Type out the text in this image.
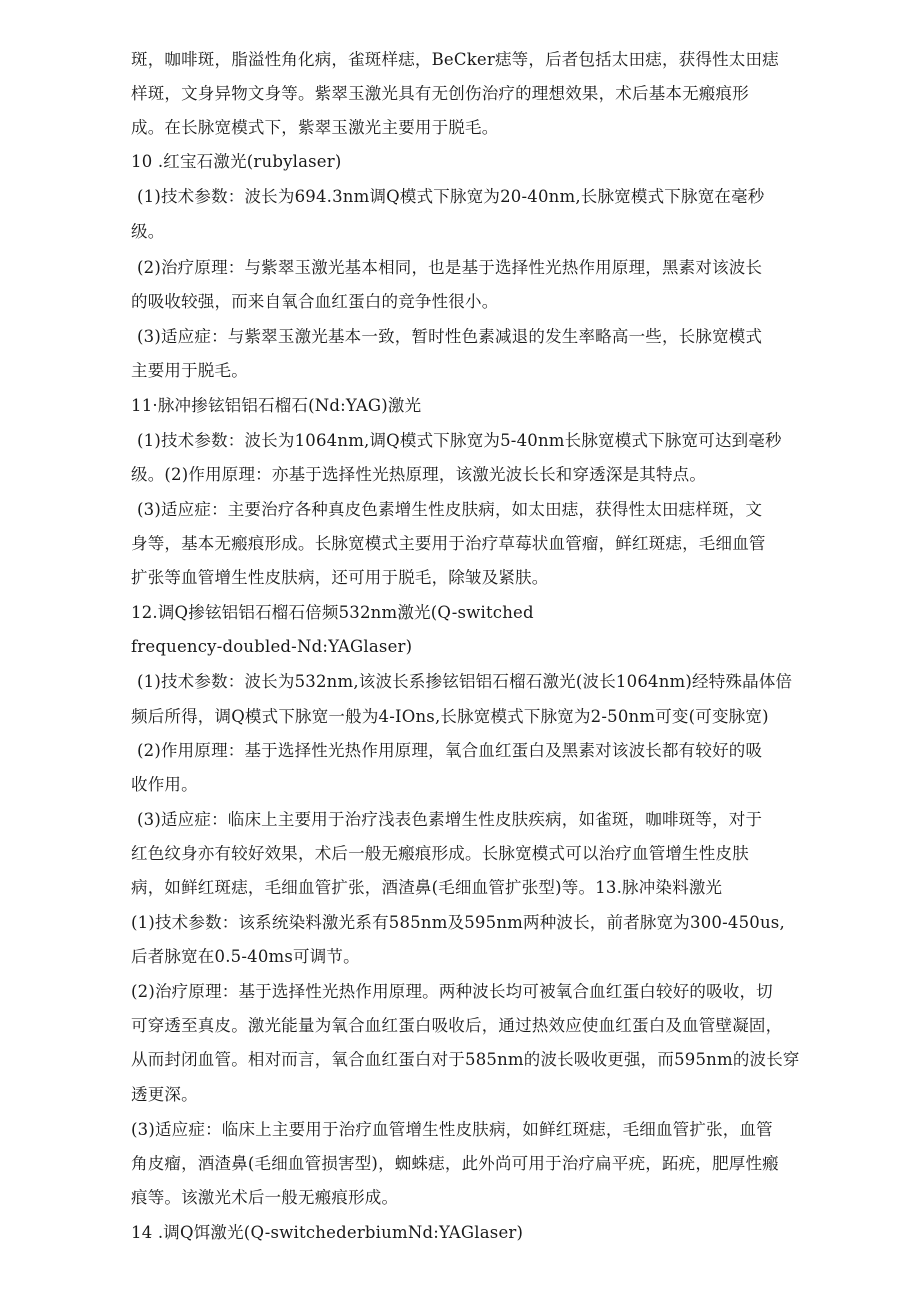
斑，咖啡斑，脂溢性角化病，雀斑样痣，BeCker痣等，后者包括太田痣，获得性太田痣
样斑，文身异物文身等。紫翠玉激光具有无创伤治疗的理想效果，术后基本无瘢痕形
成。在长脉宽模式下，紫翠玉激光主要用于脱毛。
10 .红宝石激光(rubylaser)
(1)技术参数：波长为694.3nm调Q模式下脉宽为20-40nm,长脉宽模式下脉宽在毫秒
级。
(2)治疗原理：与紫翠玉激光基本相同，也是基于选择性光热作用原理，黑素对该波长
的吸收较强，而来自氧合血红蛋白的竞争性很小。
(3)适应症：与紫翠玉激光基本一致，暂时性色素减退的发生率略高一些，长脉宽模式
主要用于脱毛。
11·脉冲掺铉铝铝石榴石(Nd:YAG)激光
(1)技术参数：波长为1064nm,调Q模式下脉宽为5-40nm长脉宽模式下脉宽可达到毫秒
级。(2)作用原理：亦基于选择性光热原理，该激光波长长和穿透深是其特点。
(3)适应症：主要治疗各种真皮色素增生性皮肤病，如太田痣，获得性太田痣样斑，文
身等，基本无瘢痕形成。长脉宽模式主要用于治疗草莓状血管瘤，鲜红斑痣，毛细血管
扩张等血管增生性皮肤病，还可用于脱毛，除皱及紧肤。
12.调Q掺铉铝铝石榴石倍频532nm激光(Q-switched
frequency-doubled-Nd:YAGlaser)
(1)技术参数：波长为532nm,该波长系掺铉铝铝石榴石激光(波长1064nm)经特殊晶体倍
频后所得，调Q模式下脉宽一般为4-IOns,长脉宽模式下脉宽为2-50nm可变(可变脉宽)
(2)作用原理：基于选择性光热作用原理，氧合血红蛋白及黑素对该波长都有较好的吸
收作用。
(3)适应症：临床上主要用于治疗浅表色素增生性皮肤疾病，如雀斑，咖啡斑等，对于
红色纹身亦有较好效果，术后一般无瘢痕形成。长脉宽模式可以治疗血管增生性皮肤
病，如鲜红斑痣，毛细血管扩张，酒渣鼻(毛细血管扩张型)等。13.脉冲染料激光
(1)技术参数：该系统染料激光系有585nm及595nm两种波长，前者脉宽为300-450us,
后者脉宽在0.5-40ms可调节。
(2)治疗原理：基于选择性光热作用原理。两种波长均可被氧合血红蛋白较好的吸收，切
可穿透至真皮。激光能量为氧合血红蛋白吸收后，通过热效应使血红蛋白及血管壁凝固，
从而封闭血管。相对而言，氧合血红蛋白对于585nm的波长吸收更强，而595nm的波长穿
透更深。
(3)适应症：临床上主要用于治疗血管增生性皮肤病，如鲜红斑痣，毛细血管扩张，血管
角皮瘤，酒渣鼻(毛细血管损害型)，蜘蛛痣，此外尚可用于治疗扁平疣，跖疣，肥厚性瘢
痕等。该激光术后一般无瘢痕形成。
14 .调Q饵激光(Q-switchederbiumNd:YAGlaser)
